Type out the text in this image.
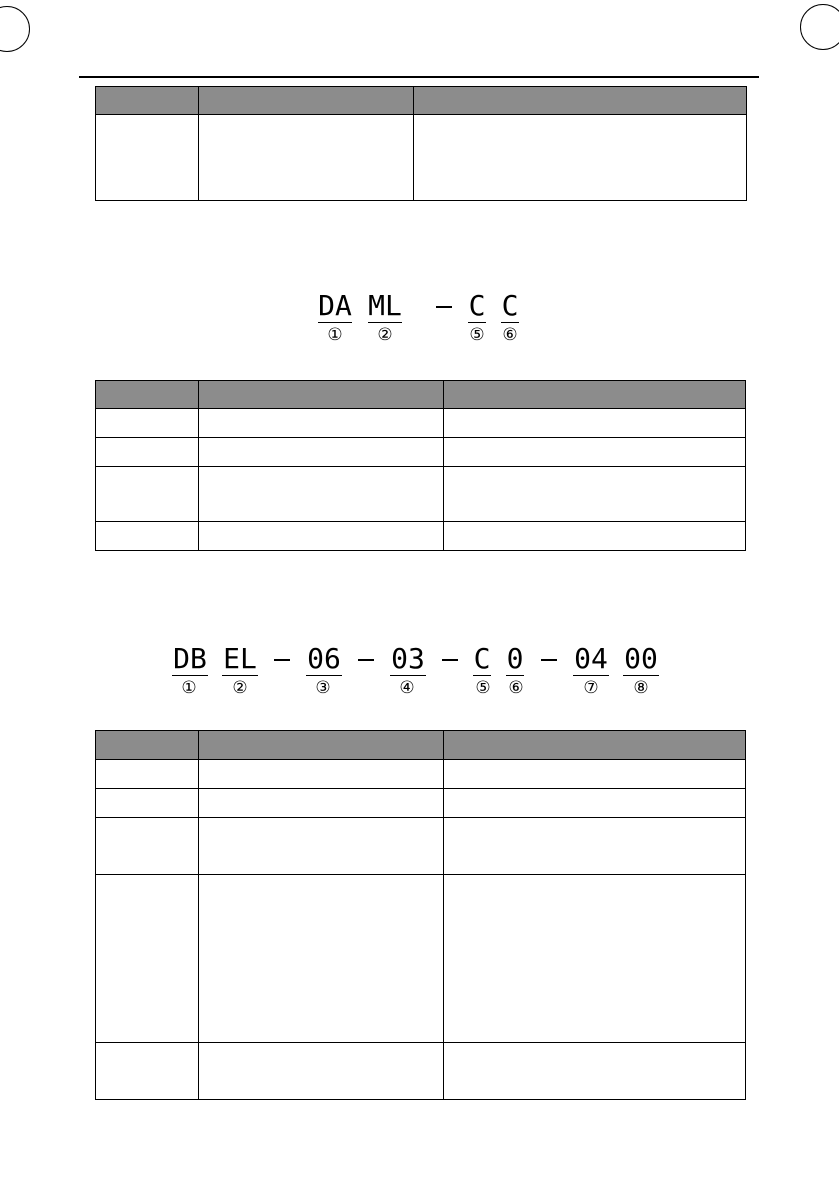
DA ML C C
① ②	⑤ ⑥

DB EL 06 03 C 0 04 00
① ②	③	④	⑤ ⑥	⑦ ⑧
